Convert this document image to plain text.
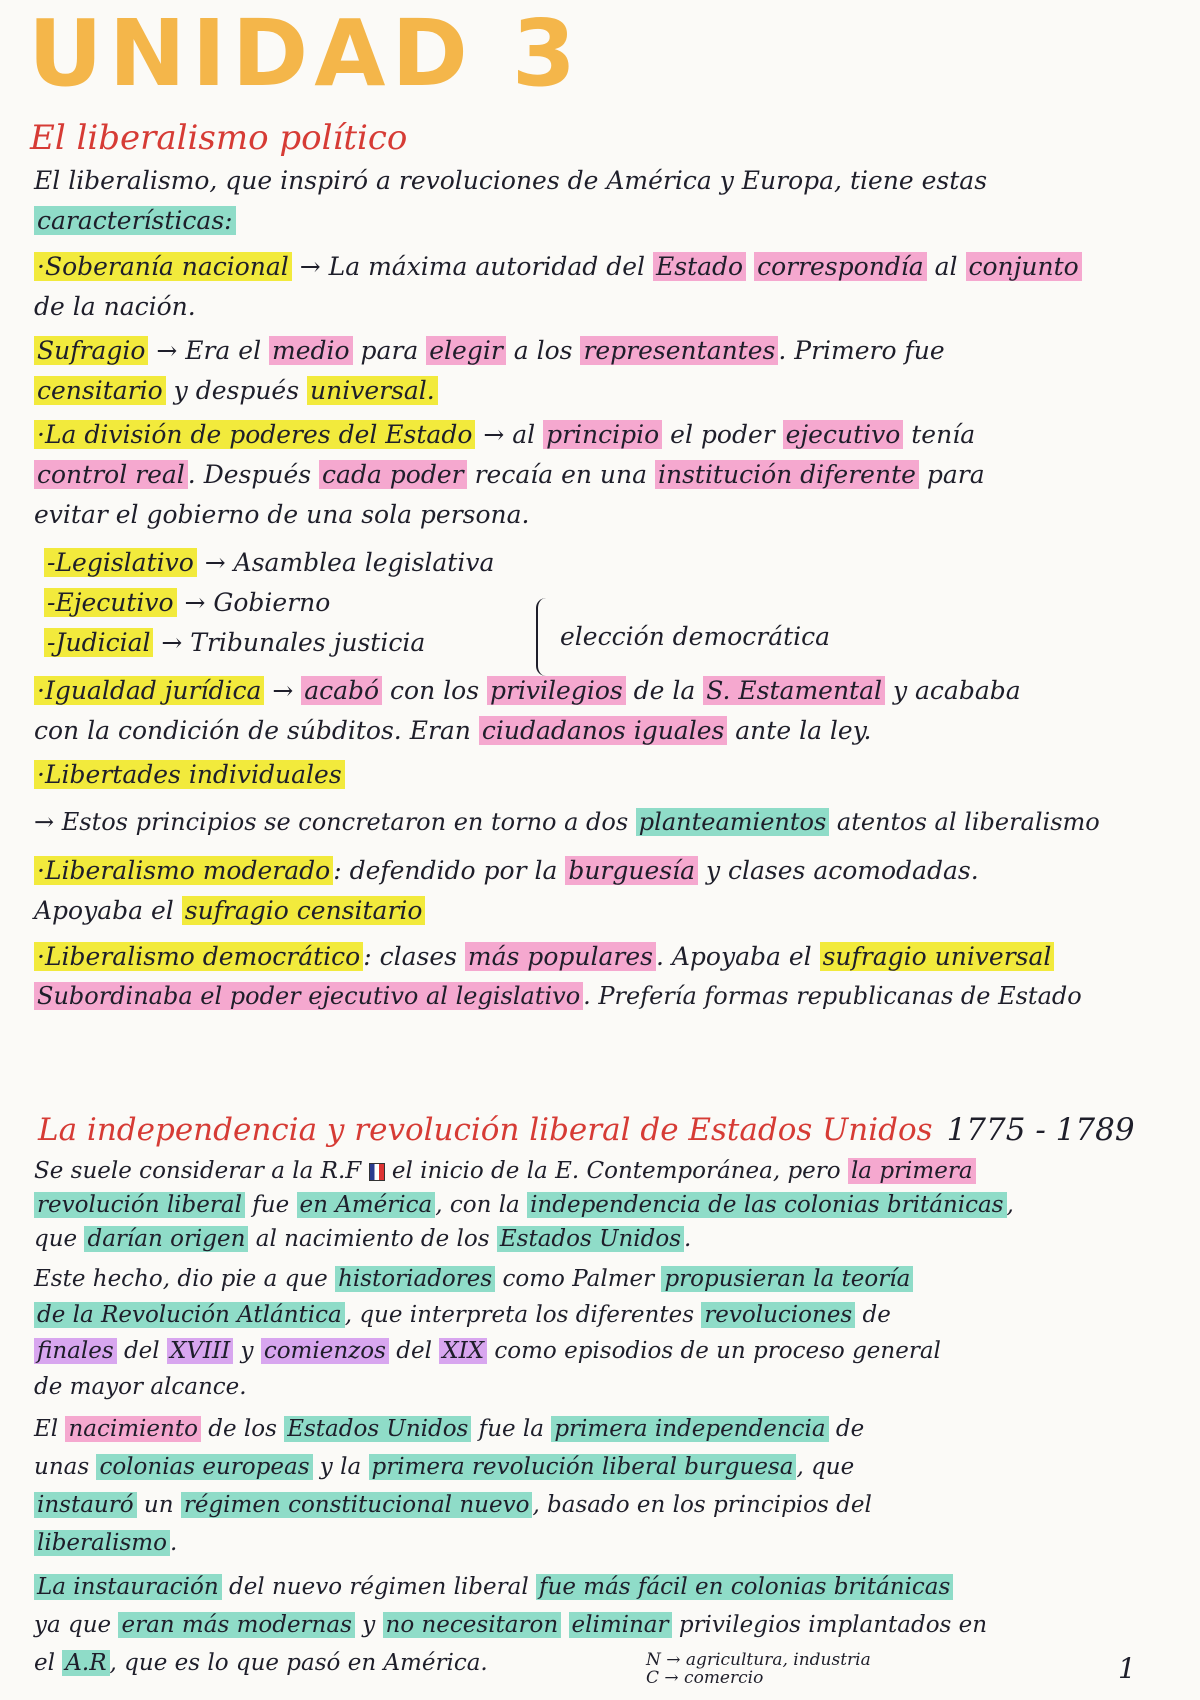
UNIDAD 3
El liberalismo político
El liberalismo, que inspiró a revoluciones de América y Europa, tiene estas
características:
·Soberanía nacional → La máxima autoridad del Estado correspondía al conjunto
de la nación.
Sufragio → Era el medio para elegir a los representantes . Primero fue
censitario y después universal.
·La división de poderes del Estado → al principio el poder ejecutivo tenía
control real . Después cada poder recaía en una institución diferente para
evitar el gobierno de una sola persona.
-Legislativo → Asamblea legislativa
-Ejecutivo → Gobierno
-Judicial → Tribunales justicia	elección democrática
·Igualdad jurídica → acabó con los privilegios de la S. Estamental y acababa
con la condición de súbditos. Eran ciudadanos iguales ante la ley.
·Libertades individuales
→ Estos principios se concretaron en torno a dos planteamientos atentos al liberalismo
·Liberalismo moderado : defendido por la burguesía y clases acomodadas.
Apoyaba el sufragio censitario
·Liberalismo democrático : clases más populares . Apoyaba el sufragio universal
Subordinaba el poder ejecutivo al legislativo . Prefería formas republicanas de Estado
La independencia y revolución liberal de Estados Unidos 1775 - 1789
Se suele considerar a la R.F  el inicio de la E. Contemporánea, pero la primera
revolución liberal fue en América , con la independencia de las colonias británicas ,
que darían origen al nacimiento de los Estados Unidos .
Este hecho, dio pie a que historiadores como Palmer propusieran la teoría
de la Revolución Atlántica , que interpreta los diferentes revoluciones de
finales del XVIII y comienzos del XIX como episodios de un proceso general
de mayor alcance.
El nacimiento de los Estados Unidos fue la primera independencia de
unas colonias europeas y la primera revolución liberal burguesa , que
instauró un régimen constitucional nuevo , basado en los principios del
liberalismo .
La instauración del nuevo régimen liberal fue más fácil en colonias británicas
ya que eran más modernas y no necesitaron eliminar privilegios implantados en
el A.R , que es lo que pasó en América.	N → agricultura, industria
C → comercio	1
